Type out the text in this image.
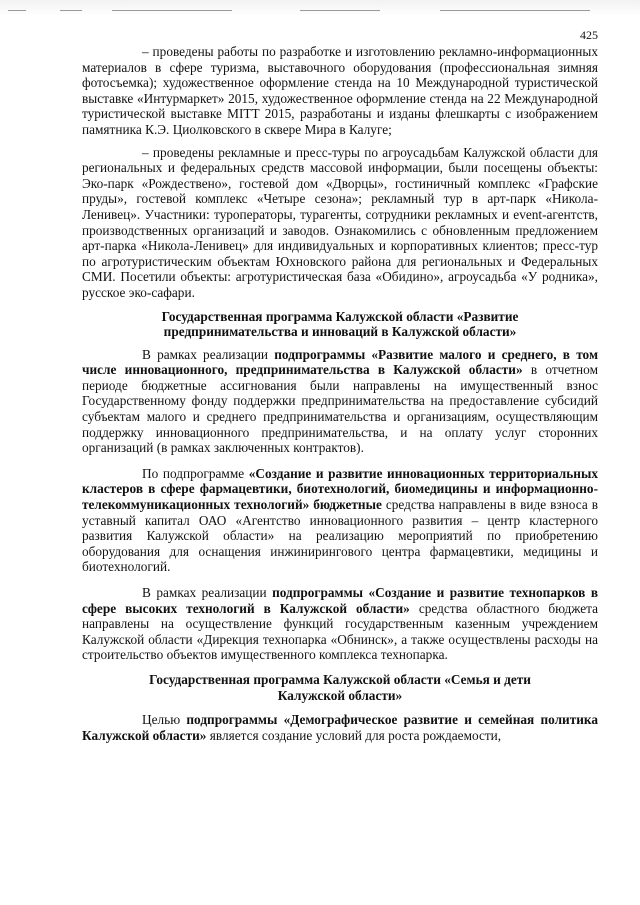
425

– проведены работы по разработке и изготовлению рекламно-информационных материалов в сфере туризма, выставочного оборудования (профессиональная зимняя фотосъемка); художественное оформление стенда на 10 Международной туристической выставке «Интурмаркет» 2015, художественное оформление стенда на 22 Международной туристической выставке MITT 2015, разработаны и изданы флешкарты с изображением памятника К.Э. Циолковского в сквере Мира в Калуге;

– проведены рекламные и пресс-туры по агроусадьбам Калужской области для региональных и федеральных средств массовой информации, были посещены объекты: Эко-парк «Рождествено», гостевой дом «Дворцы», гостиничный комплекс «Графские пруды», гостевой комплекс «Четыре сезона»; рекламный тур в арт-парк «Никола-Ленивец». Участники: туроператоры, турагенты, сотрудники рекламных и event-агентств, производственных организаций и заводов. Ознакомились с обновленным предложением арт-парка «Никола-Ленивец» для индивидуальных и корпоративных клиентов; пресс-тур по агротуристическим объектам Юхновского района для региональных и Федеральных СМИ. Посетили объекты: агротуристическая база «Обидино», агроусадьба «У родника», русское эко-сафари.

Государственная программа Калужской области «Развитие предпринимательства и инноваций в Калужской области»

В рамках реализации подпрограммы «Развитие малого и среднего, в том числе инновационного, предпринимательства в Калужской области» в отчетном периоде бюджетные ассигнования были направлены на имущественный взнос Государственному фонду поддержки предпринимательства на предоставление субсидий субъектам малого и среднего предпринимательства и организациям, осуществляющим поддержку инновационного предпринимательства, и на оплату услуг сторонних организаций (в рамках заключенных контрактов).

По подпрограмме «Создание и развитие инновационных территориальных кластеров в сфере фармацевтики, биотехнологий, биомедицины и информационно-телекоммуникационных технологий» бюджетные средства направлены в виде взноса в уставный капитал ОАО «Агентство инновационного развития – центр кластерного развития Калужской области» на реализацию мероприятий по приобретению оборудования для оснащения инжинирингового центра фармацевтики, медицины и биотехнологий.

В рамках реализации подпрограммы «Создание и развитие технопарков в сфере высоких технологий в Калужской области» средства областного бюджета направлены на осуществление функций государственным казенным учреждением Калужской области «Дирекция технопарка «Обнинск», а также осуществлены расходы на строительство объектов имущественного комплекса технопарка.

Государственная программа Калужской области «Семья и дети Калужской области»

Целью подпрограммы «Демографическое развитие и семейная политика Калужской области» является создание условий для роста рождаемости,
